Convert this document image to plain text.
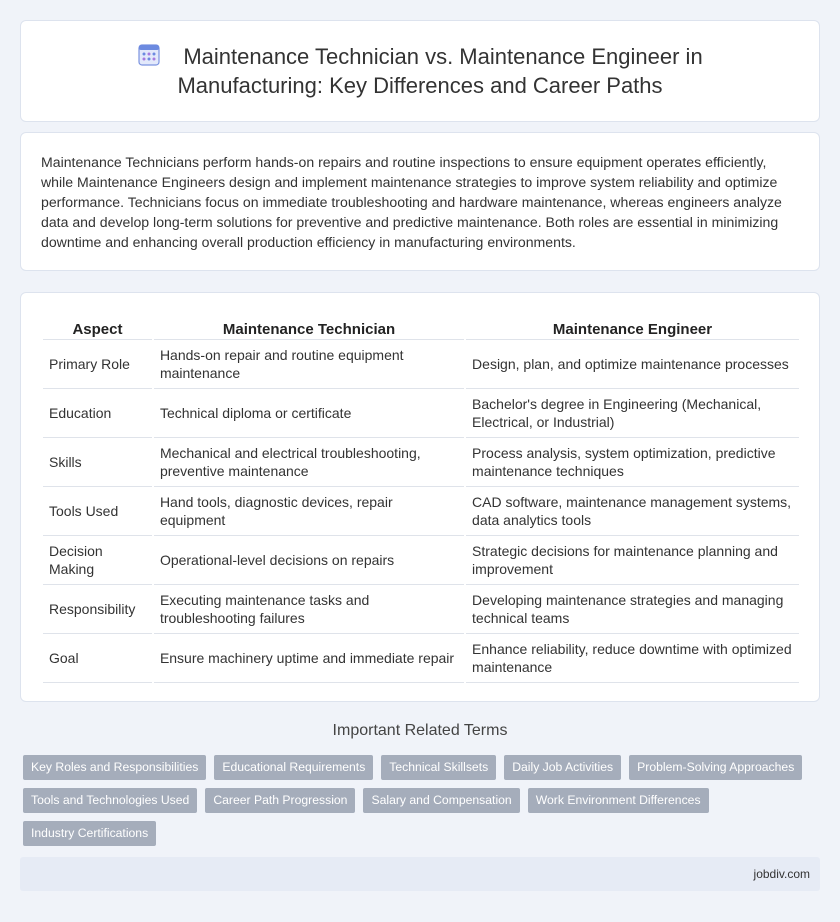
Maintenance Technician vs. Maintenance Engineer in Manufacturing: Key Differences and Career Paths

Maintenance Technicians perform hands-on repairs and routine inspections to ensure equipment operates efficiently, while Maintenance Engineers design and implement maintenance strategies to improve system reliability and optimize performance. Technicians focus on immediate troubleshooting and hardware maintenance, whereas engineers analyze data and develop long-term solutions for preventive and predictive maintenance. Both roles are essential in minimizing downtime and enhancing overall production efficiency in manufacturing environments.

Aspect	Maintenance Technician	Maintenance Engineer
Primary Role	Hands-on repair and routine equipment maintenance	Design, plan, and optimize maintenance processes
Education	Technical diploma or certificate	Bachelor's degree in Engineering (Mechanical, Electrical, or Industrial)
Skills	Mechanical and electrical troubleshooting, preventive maintenance	Process analysis, system optimization, predictive maintenance techniques
Tools Used	Hand tools, diagnostic devices, repair equipment	CAD software, maintenance management systems, data analytics tools
Decision Making	Operational-level decisions on repairs	Strategic decisions for maintenance planning and improvement
Responsibility	Executing maintenance tasks and troubleshooting failures	Developing maintenance strategies and managing technical teams
Goal	Ensure machinery uptime and immediate repair	Enhance reliability, reduce downtime with optimized maintenance
Important Related Terms
Key Roles and Responsibilities	Educational Requirements	Technical Skillsets	Daily Job Activities	Problem-Solving Approaches
Tools and Technologies Used	Career Path Progression	Salary and Compensation	Work Environment Differences
Industry Certifications
jobdiv.com
